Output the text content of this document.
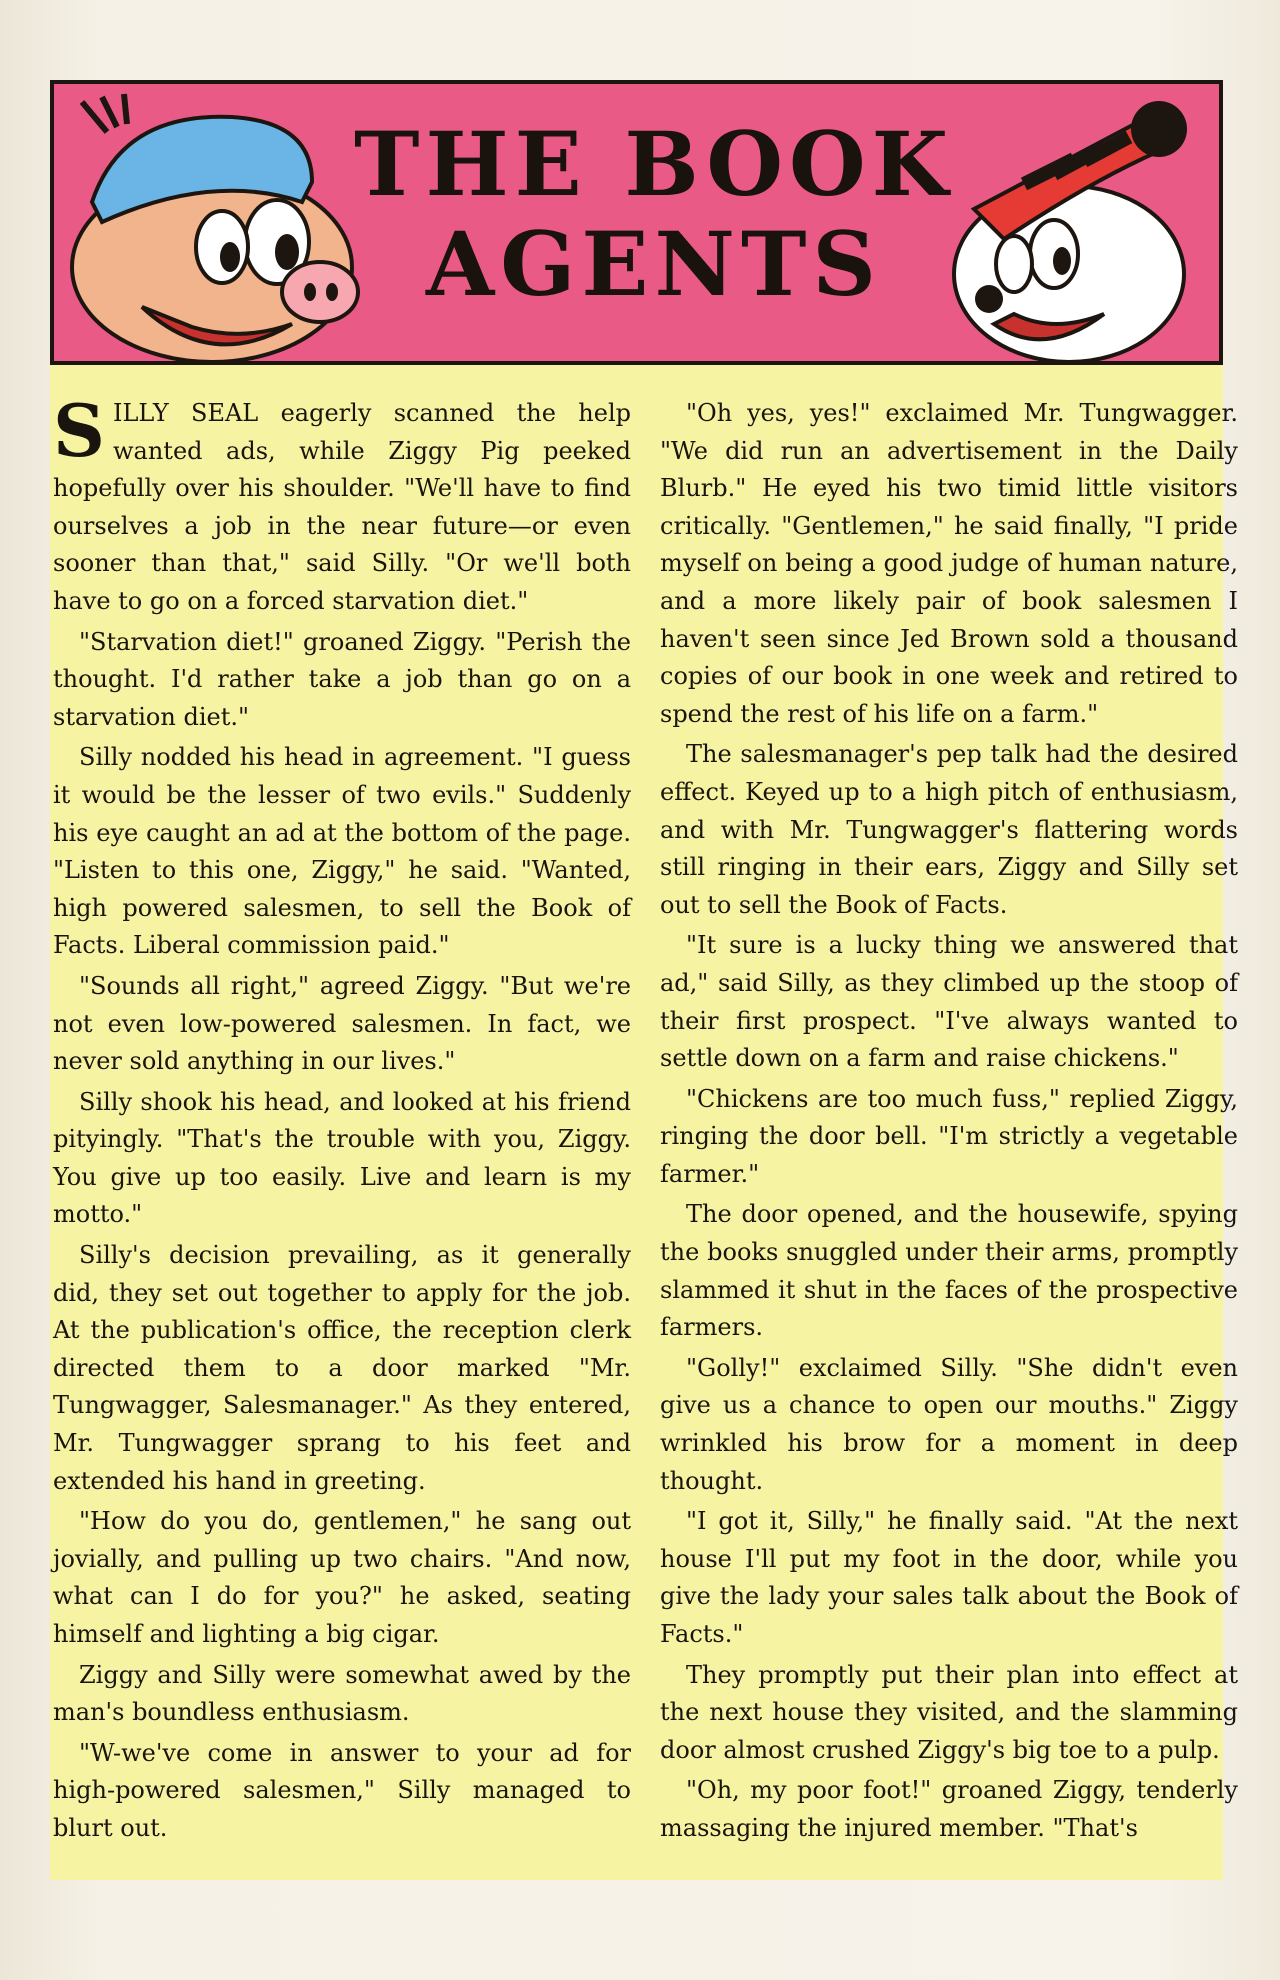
THE BOOK
AGENTS

SILLY SEAL eagerly scanned the help wanted ads, while Ziggy Pig peeked hopefully over his shoulder. "We'll have to find ourselves a job in the near future—or even sooner than that," said Silly. "Or we'll both have to go on a forced starvation diet."

"Starvation diet!" groaned Ziggy. "Perish the thought. I'd rather take a job than go on a starvation diet."

Silly nodded his head in agreement. "I guess it would be the lesser of two evils." Suddenly his eye caught an ad at the bottom of the page. "Listen to this one, Ziggy," he said. "Wanted, high powered salesmen, to sell the Book of Facts. Liberal commission paid."

"Sounds all right," agreed Ziggy. "But we're not even low-powered salesmen. In fact, we never sold anything in our lives."

Silly shook his head, and looked at his friend pityingly. "That's the trouble with you, Ziggy. You give up too easily. Live and learn is my motto."

Silly's decision prevailing, as it generally did, they set out together to apply for the job. At the publication's office, the reception clerk directed them to a door marked "Mr. Tungwagger, Salesmanager." As they entered, Mr. Tungwagger sprang to his feet and extended his hand in greeting.

"How do you do, gentlemen," he sang out jovially, and pulling up two chairs. "And now, what can I do for you?" he asked, seating himself and lighting a big cigar.

Ziggy and Silly were somewhat awed by the man's boundless enthusiasm.

"W-we've come in answer to your ad for high-powered salesmen," Silly managed to blurt out.

"Oh yes, yes!" exclaimed Mr. Tungwagger. "We did run an advertisement in the Daily Blurb." He eyed his two timid little visitors critically. "Gentlemen," he said finally, "I pride myself on being a good judge of human nature, and a more likely pair of book salesmen I haven't seen since Jed Brown sold a thousand copies of our book in one week and retired to spend the rest of his life on a farm."

The salesmanager's pep talk had the desired effect. Keyed up to a high pitch of enthusiasm, and with Mr. Tungwagger's flattering words still ringing in their ears, Ziggy and Silly set out to sell the Book of Facts.

"It sure is a lucky thing we answered that ad," said Silly, as they climbed up the stoop of their first prospect. "I've always wanted to settle down on a farm and raise chickens."

"Chickens are too much fuss," replied Ziggy, ringing the door bell. "I'm strictly a vegetable farmer."

The door opened, and the housewife, spying the books snuggled under their arms, promptly slammed it shut in the faces of the prospective farmers.

"Golly!" exclaimed Silly. "She didn't even give us a chance to open our mouths." Ziggy wrinkled his brow for a moment in deep thought.

"I got it, Silly," he finally said. "At the next house I'll put my foot in the door, while you give the lady your sales talk about the Book of Facts."

They promptly put their plan into effect at the next house they visited, and the slamming door almost crushed Ziggy's big toe to a pulp.

"Oh, my poor foot!" groaned Ziggy, tenderly massaging the injured member. "That's
